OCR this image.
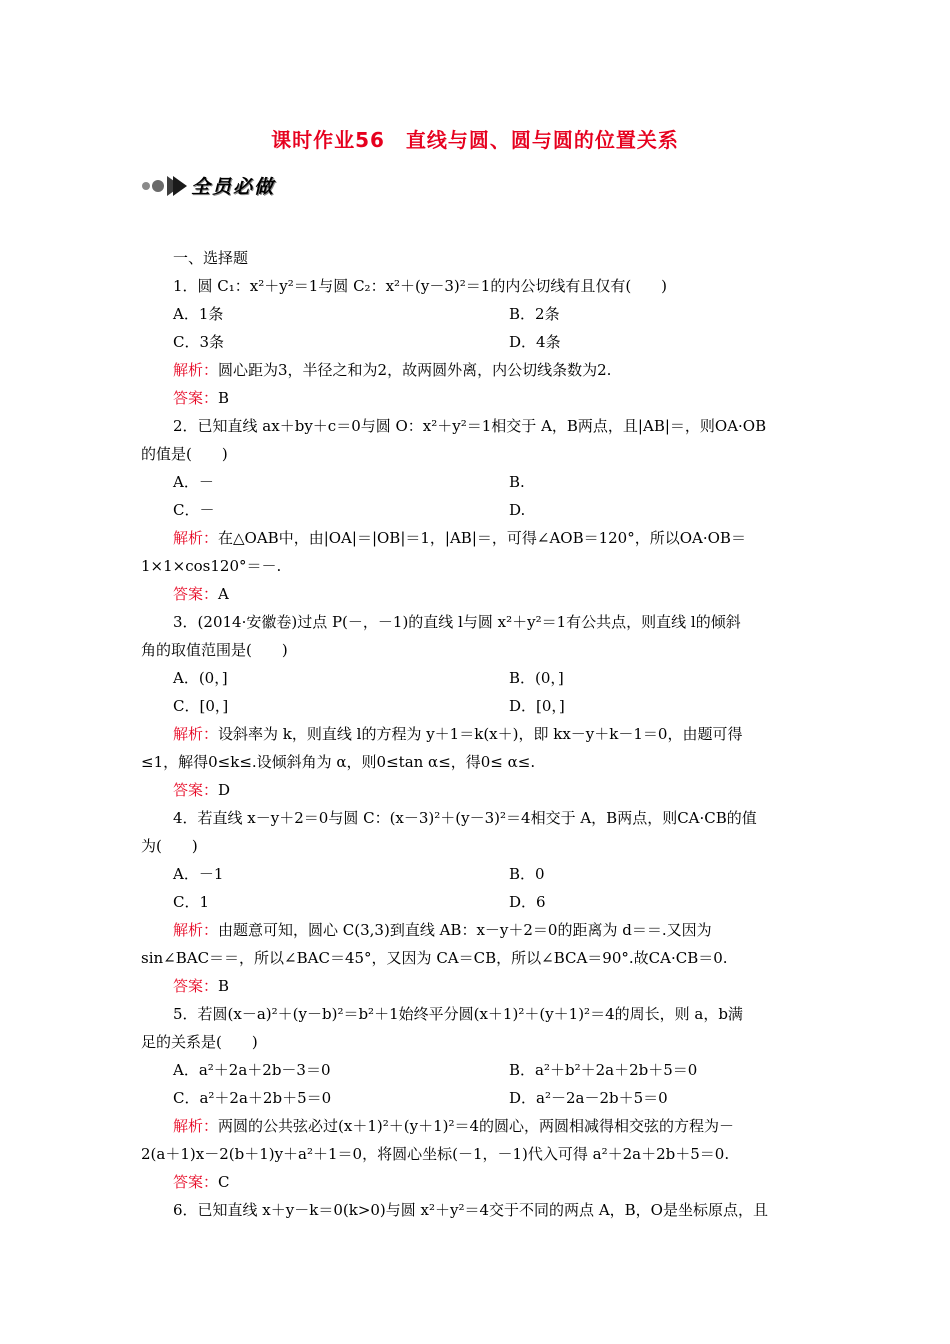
课时作业56　直线与圆、圆与圆的位置关系
全员必做
一、选择题
1．圆 C₁：x²＋y²＝1与圆 C₂：x²＋(y－3)²＝1的内公切线有且仅有(　　)
A．1条	B．2条
C．3条	D．4条
解析：圆心距为3，半径之和为2，故两圆外离，内公切线条数为2.
答案：B
2．已知直线 ax＋by＋c＝0与圆 O：x²＋y²＝1相交于 A，B两点，且|AB|＝，则OA·OB
的值是(　　)
A．－	B.
C．－	D.
解析：在△OAB中，由|OA|＝|OB|＝1，|AB|＝，可得∠AOB＝120°，所以OA·OB＝
1×1×cos120°＝－.
答案：A
3．(2014·安徽卷)过点 P(－，－1)的直线 l与圆 x²＋y²＝1有公共点，则直线 l的倾斜
角的取值范围是(　　)
A．(0，]	B．(0，]
C．[0，]	D．[0，]
解析：设斜率为 k，则直线 l的方程为 y＋1＝k(x＋)，即 kx－y＋k－1＝0，由题可得
≤1，解得0≤k≤.设倾斜角为 α，则0≤tan α≤，得0≤ α≤.
答案：D
4．若直线 x－y＋2＝0与圆 C：(x－3)²＋(y－3)²＝4相交于 A，B两点，则CA·CB的值
为(　　)
A．－1	B．0
C．1	D．6
解析：由题意可知，圆心 C(3,3)到直线 AB：x－y＋2＝0的距离为 d＝＝.又因为
sin∠BAC＝＝，所以∠BAC＝45°，又因为 CA＝CB，所以∠BCA＝90°.故CA·CB＝0.
答案：B
5．若圆(x－a)²＋(y－b)²＝b²＋1始终平分圆(x＋1)²＋(y＋1)²＝4的周长，则 a，b满
足的关系是(　　)
A．a²＋2a＋2b－3＝0	B．a²＋b²＋2a＋2b＋5＝0
C．a²＋2a＋2b＋5＝0	D．a²－2a－2b＋5＝0
解析：两圆的公共弦必过(x＋1)²＋(y＋1)²＝4的圆心，两圆相减得相交弦的方程为－
2(a＋1)x－2(b＋1)y＋a²＋1＝0，将圆心坐标(－1，－1)代入可得 a²＋2a＋2b＋5＝0.
答案：C
6．已知直线 x＋y－k＝0(k>0)与圆 x²＋y²＝4交于不同的两点 A，B，O是坐标原点，且
